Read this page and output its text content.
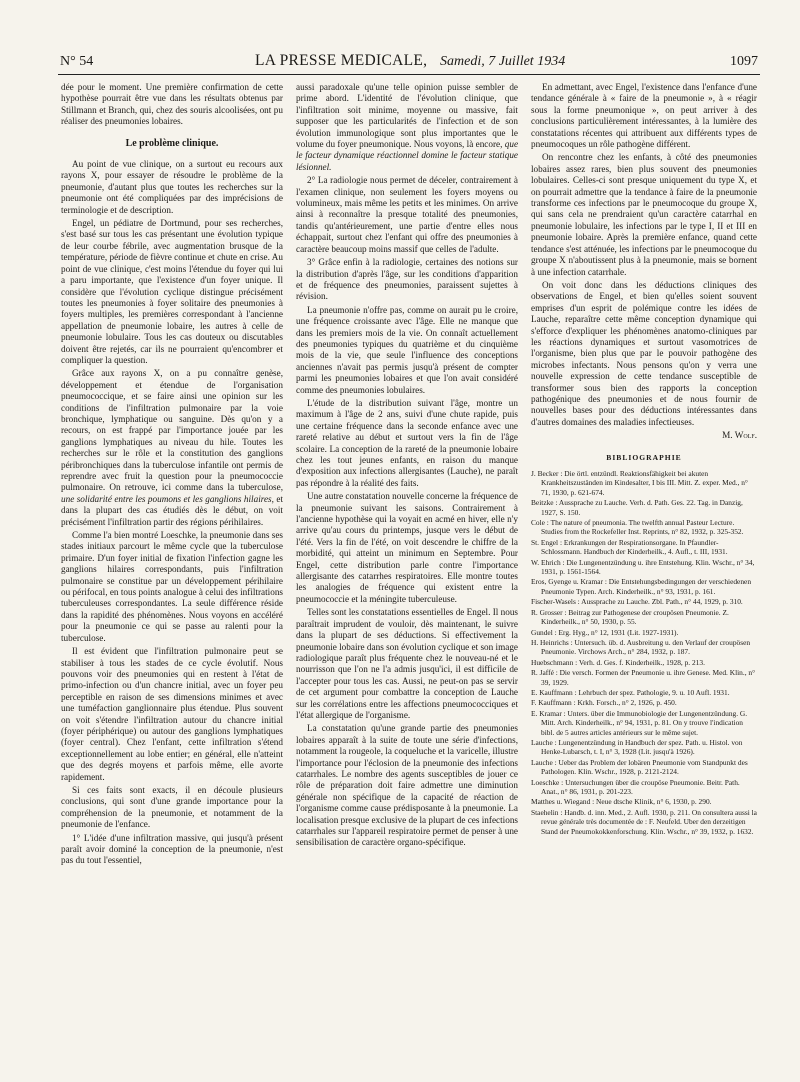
N° 54	LA PRESSE MEDICALE, Samedi, 7 Juillet 1934	1097

dée pour le moment. Une première confirmation de cette hypothèse pourrait être vue dans les résultats obtenus par Stillmann et Branch, qui, chez des souris alcoolisées, ont pu réaliser des pneumonies lobaires.

Le problème clinique.

Au point de vue clinique, on a surtout eu recours aux rayons X, pour essayer de résoudre le problème de la pneumonie, d'autant plus que toutes les recherches sur la pneumonie ont été compliquées par des imprécisions de terminologie et de description.

Engel, un pédiatre de Dortmund, pour ses recherches, s'est basé sur tous les cas présentant une évolution typique de leur courbe fébrile, avec augmentation brusque de la température, période de fièvre continue et chute en crise. Au point de vue clinique, c'est moins l'étendue du foyer qui lui a paru importante, que l'existence d'un foyer unique. Il considère que l'évolution cyclique distingue précisément toutes les pneumonies à foyer solitaire des pneumonies à foyers multiples, les premières correspondant à l'ancienne appellation de pneumonie lobaire, les autres à celle de pneumonie lobulaire. Tous les cas douteux ou discutables doivent être rejetés, car ils ne pourraient qu'encombrer et compliquer la question.

Grâce aux rayons X, on a pu connaître genèse, développement et étendue de l'organisation pneumococcique, et se faire ainsi une opinion sur les conditions de l'infiltration pulmonaire par la voie bronchique, lymphatique ou sanguine. Dès qu'on y a recours, on est frappé par l'importance jouée par les ganglions lymphatiques au niveau du hile. Toutes les recherches sur le rôle et la constitution des ganglions péribronchiques dans la tuberculose infantile ont permis de reprendre avec fruit la question pour la pneumococcie pulmonaire. On retrouve, ici comme dans la tuberculose, une solidarité entre les poumons et les ganglions hilaires, et dans la plupart des cas étudiés dès le début, on voit précisément l'infiltration partir des régions périhilaires.

Comme l'a bien montré Loeschke, la pneumonie dans ses stades initiaux parcourt le même cycle que la tuberculose primaire. D'un foyer initial de fixation l'infection gagne les ganglions hilaires correspondants, puis l'infiltration pulmonaire se constitue par un développement périhilaire ou périfocal, en tous points analogue à celui des infiltrations tuberculeuses correspondantes. La seule différence réside dans la rapidité des phénomènes. Nous voyons en accéléré pour la pneumonie ce qui se passe au ralenti pour la tuberculose.

Il est évident que l'infiltration pulmonaire peut se stabiliser à tous les stades de ce cycle évolutif. Nous pouvons voir des pneumonies qui en restent à l'état de primo-infection ou d'un chancre initial, avec un foyer peu perceptible en raison de ses dimensions minimes et avec une tuméfaction ganglionnaire plus étendue. Plus souvent on voit s'étendre l'infiltration autour du chancre initial (foyer périphérique) ou autour des ganglions lymphatiques (foyer central). Chez l'enfant, cette infiltration s'étend exceptionnellement au lobe entier; en général, elle n'atteint que des degrés moyens et parfois même, elle avorte rapidement.

Si ces faits sont exacts, il en découle plusieurs conclusions, qui sont d'une grande importance pour la compréhension de la pneumonie, et notamment de la pneumonie de l'enfance.

1° L'idée d'une infiltration massive, qui jusqu'à présent paraît avoir dominé la conception de la pneumonie, n'est pas du tout l'essentiel,

aussi paradoxale qu'une telle opinion puisse sembler de prime abord. L'identité de l'évolution clinique, que l'infiltration soit minime, moyenne ou massive, fait supposer que les particularités de l'infection et de son évolution immunologique sont plus importantes que le volume du foyer pneumonique. Nous voyons, là encore, que le facteur dynamique réactionnel domine le facteur statique lésionnel.

2° La radiologie nous permet de déceler, contrairement à l'examen clinique, non seulement les foyers moyens ou volumineux, mais même les petits et les minimes. On arrive ainsi à reconnaître la presque totalité des pneumonies, tandis qu'antérieurement, une partie d'entre elles nous échappait, surtout chez l'enfant qui offre des pneumonies à caractère beaucoup moins massif que celles de l'adulte.

3° Grâce enfin à la radiologie, certaines des notions sur la distribution d'après l'âge, sur les conditions d'apparition et de fréquence des pneumonies, paraissent sujettes à révision.

La pneumonie n'offre pas, comme on aurait pu le croire, une fréquence croissante avec l'âge. Elle ne manque que dans les premiers mois de la vie. On connaît actuellement des pneumonies typiques du quatrième et du cinquième mois de la vie, que seule l'influence des conceptions anciennes n'avait pas permis jusqu'à présent de compter parmi les pneumonies lobaires et que l'on avait considéré comme des pneumonies lobulaires.

L'étude de la distribution suivant l'âge, montre un maximum à l'âge de 2 ans, suivi d'une chute rapide, puis une certaine fréquence dans la seconde enfance avec une rareté relative au début et surtout vers la fin de l'âge scolaire. La conception de la rareté de la pneumonie lobaire chez les tout jeunes enfants, en raison du manque d'exposition aux infections allergisantes (Lauche), ne paraît pas répondre à la réalité des faits.

Une autre constatation nouvelle concerne la fréquence de la pneumonie suivant les saisons. Contrairement à l'ancienne hypothèse qui la voyait en acmé en hiver, elle n'y arrive qu'au cours du printemps, jusque vers le début de l'été. Vers la fin de l'été, on voit descendre le chiffre de la morbidité, qui atteint un minimum en Septembre. Pour Engel, cette distribution parle contre l'importance allergisante des catarrhes respiratoires. Elle montre toutes les analogies de fréquence qui existent entre la pneumococcie et la méningite tuberculeuse.

Telles sont les constatations essentielles de Engel. Il nous paraîtrait imprudent de vouloir, dès maintenant, le suivre dans la plupart de ses déductions. Si effectivement la pneumonie lobaire dans son évolution cyclique et son image radiologique paraît plus fréquente chez le nouveau-né et le nourrisson que l'on ne l'a admis jusqu'ici, il est difficile de l'accepter pour tous les cas. Aussi, ne peut-on pas se servir de cet argument pour combattre la conception de Lauche sur les corrélations entre les affections pneumococciques et l'état allergique de l'organisme.

La constatation qu'une grande partie des pneumonies lobaires apparaît à la suite de toute une série d'infections, notamment la rougeole, la coqueluche et la varicelle, illustre l'importance pour l'éclosion de la pneumonie des infections catarrhales. Le nombre des agents susceptibles de jouer ce rôle de préparation doit faire admettre une diminution générale non spécifique de la capacité de réaction de l'organisme comme cause prédisposante à la pneumonie. La localisation presque exclusive de la plupart de ces infections catarrhales sur l'appareil respiratoire permet de penser à une sensibilisation de caractère organo-spécifique.

En admettant, avec Engel, l'existence dans l'enfance d'une tendance générale à « faire de la pneumonie », à « réagir sous la forme pneumonique », on peut arriver à des conclusions particulièrement intéressantes, à la lumière des constatations récentes qui attribuent aux différents types de pneumocoques un rôle pathogène différent.

On rencontre chez les enfants, à côté des pneumonies lobaires assez rares, bien plus souvent des pneumonies lobulaires. Celles-ci sont presque uniquement du type X, et on pourrait admettre que la tendance à faire de la pneumonie transforme ces infections par le pneumocoque du groupe X, qui sans cela ne prendraient qu'un caractère catarrhal en pneumonie lobulaire, les infections par le type I, II et III en pneumonie lobaire. Après la première enfance, quand cette tendance s'est atténuée, les infections par le pneumocoque du groupe X n'aboutissent plus à la pneumonie, mais se bornent à une infection catarrhale.

On voit donc dans les déductions cliniques des observations de Engel, et bien qu'elles soient souvent emprises d'un esprit de polémique contre les idées de Lauche, reparaître cette même conception dynamique qui s'efforce d'expliquer les phénomènes anatomo-cliniques par les réactions dynamiques et surtout vasomotrices de l'organisme, bien plus que par le pouvoir pathogène des microbes infectants. Nous pensons qu'on y verra une nouvelle expression de cette tendance susceptible de transformer sous bien des rapports la conception pathogénique des pneumonies et de nous fournir de nouvelles bases pour des déductions intéressantes dans d'autres domaines des maladies infectieuses.

M. Wolf.
BIBLIOGRAPHIE
J. Becker : Die örtl. entzündl. Reaktionsfähigkeit bei akuten Krankheitszuständen im Kindesalter, I bis III. Mitt. Z. exper. Med., n° 71, 1930, p. 621-674.
Beitzke : Aussprache zu Lauche. Verh. d. Path. Ges. 22. Tag. in Danzig, 1927, S. 150.
Cole : The nature of pneumonia. The twelfth annual Pasteur Lecture. Studies from the Rockefeller Inst. Reprints, n° 82, 1932, p. 325-352.
St. Engel : Erkrankungen der Respirationsorgane. In Pfaundler-Schlossmann. Handbuch der Kinderheilk., 4. Aufl., t. III, 1931.
W. Ehrich : Die Lungenentzündung u. ihre Entstehung. Klin. Wschr., n° 34, 1931, p. 1561-1564.
Eros, Gyenge u. Kramar : Die Entstehungsbedingungen der verschiedenen Pneumonie Typen. Arch. Kinderheilk., n° 93, 1931, p. 161.
Fischer-Wasels : Aussprache zu Lauche. Zbl. Path., n° 44, 1929, p. 310.
R. Grosser : Beitrag zur Pathogenese der croupösen Pneumonie. Z. Kinderheilk., n° 50, 1930, p. 55.
Gundel : Erg. Hyg., n° 12, 1931 (Lit. 1927-1931).
H. Heinrichs : Untersuch. üb. d. Ausbreitung u. den Verlauf der croupösen Pneumonie. Virchows Arch., n° 284, 1932, p. 187.
Huebschmann : Verh. d. Ges. f. Kinderheilk., 1928, p. 213.
R. Jaffé : Die versch. Formen der Pneumonie u. ihre Genese. Med. Klin., n° 39, 1929.
E. Kauffmann : Lehrbuch der spez. Pathologie, 9. u. 10 Aufl. 1931.
F. Kauffmann : Krkh. Forsch., n° 2, 1926, p. 450.
E. Kramar : Unters. über die Immunobiologie der Lungenentzündung. G. Mitt. Arch. Kinderheilk., n° 94, 1931, p. 81. On y trouve l'indication bibl. de 5 autres articles antérieurs sur le même sujet.
Lauche : Lungenentzündung in Handbuch der spez. Path. u. Histol. von Henke-Lubarsch, t. I, n° 3, 1928 (Lit. jusqu'à 1926).
Lauche : Ueber das Problem der lobären Pneumonie vom Standpunkt des Pathologen. Klin. Wschr., 1928, p. 2121-2124.
Loeschke : Untersuchungen über die croupöse Pneumonie. Beitr. Path. Anat., n° 86, 1931, p. 201-223.
Matthes u. Wiegand : Neue dtsche Klinik, n° 6, 1930, p. 290.
Staehelin : Handb. d. inn. Med., 2. Aufl. 1930, p. 211. On consultera aussi la revue générale très documentée de : F. Neufeld. Uber den derzeitigen Stand der Pneumokokkenforschung. Klin. Wschr., n° 39, 1932, p. 1632.
